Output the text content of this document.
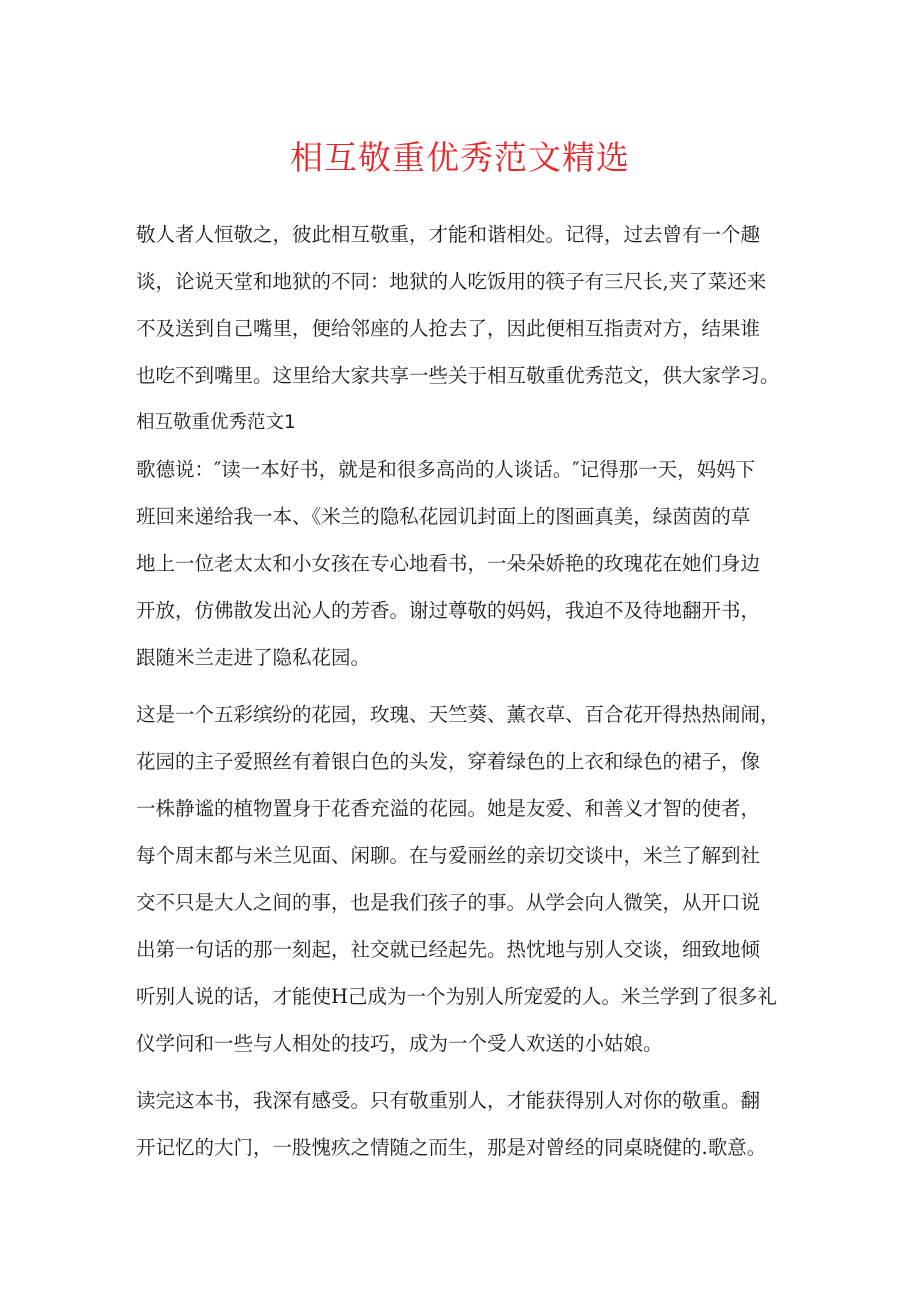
相互敬重优秀范文精选
敬人者人恒敬之，彼此相互敬重，才能和谐相处。记得，过去曾有一个趣
谈，论说天堂和地狱的不同：地狱的人吃饭用的筷子有三尺长,夹了菜还来
不及送到自己嘴里，便给邻座的人抢去了，因此便相互指责对方，结果谁
也吃不到嘴里。这里给大家共享一些关于相互敬重优秀范文，供大家学习。
相互敬重优秀范文1
歌德说：″读一本好书，就是和很多高尚的人谈话。″记得那一天，妈妈下
班回来递给我一本、《米兰的隐私花园讥封面上的图画真美，绿茵茵的草
地上一位老太太和小女孩在专心地看书，一朵朵娇艳的玫瑰花在她们身边
开放，仿佛散发出沁人的芳香。谢过尊敬的妈妈，我迫不及待地翻开书，
跟随米兰走进了隐私花园。
这是一个五彩缤纷的花园，玫瑰、天竺葵、薰衣草、百合花开得热热闹闹，
花园的主子爱照丝有着银白色的头发，穿着绿色的上衣和绿色的裙子，像
一株静谧的植物置身于花香充溢的花园。她是友爱、和善义才智的使者，
每个周末都与米兰见面、闲聊。在与爱丽丝的亲切交谈中，米兰了解到社
交不只是大人之间的事，也是我们孩子的事。从学会向人微笑，从开口说
出第一句话的那一刻起，社交就已经起先。热忱地与别人交谈，细致地倾
听别人说的话，才能使H己成为一个为别人所宠爱的人。米兰学到了很多礼
仪学问和一些与人相处的技巧，成为一个受人欢送的小姑娘。
读完这本书，我深有感受。只有敬重别人，才能获得别人对你的敬重。翻
开记忆的大门，一股愧疚之情随之而生，那是对曾经的同桌晓健的.歌意。
